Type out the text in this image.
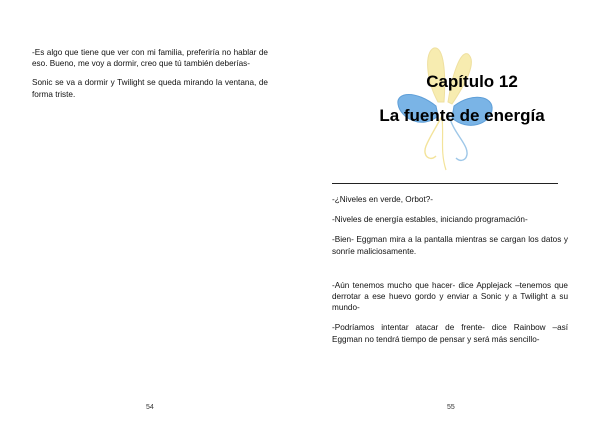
-Es algo que tiene que ver con mi familia, preferiría no hablar de eso. Bueno, me voy a dormir, creo que tú también deberías-

Sonic se va a dormir y Twilight se queda mirando la ventana, de forma triste.

54
Capítulo 12
La fuente de energía

-¿Niveles en verde, Orbot?-

-Niveles de energía estables, iniciando programación-

-Bien- Eggman mira a la pantalla mientras se cargan los datos y sonríe maliciosamente.

-Aún tenemos mucho que hacer- dice Applejack –tenemos que derrotar a ese huevo gordo y enviar a Sonic y a Twilight a su mundo-

-Podríamos intentar atacar de frente- dice Rainbow –así Eggman no tendrá tiempo de pensar y será más sencillo-

55
